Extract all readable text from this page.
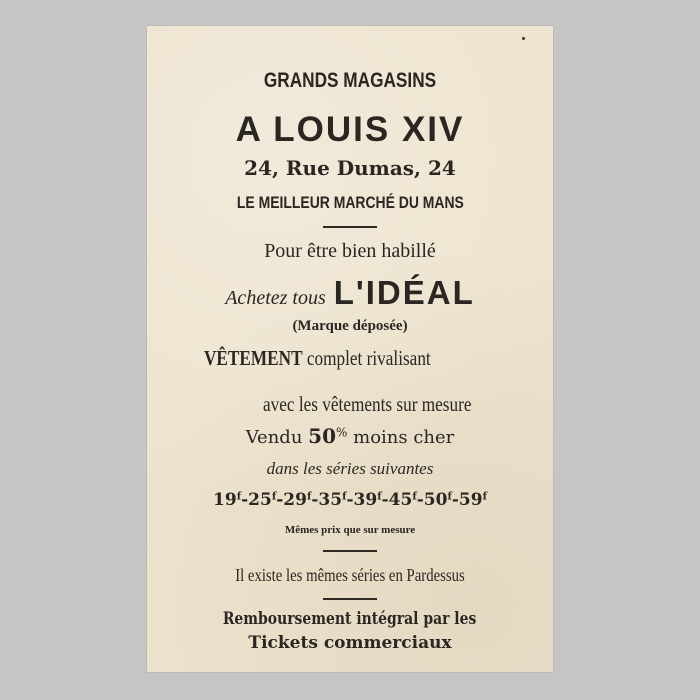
GRANDS MAGASINS
A LOUIS XIV
24, Rue Dumas, 24
LE MEILLEUR MARCHÉ DU MANS
Pour être bien habillé
Achetez tous L'IDÉAL
(Marque déposée)
VÊTEMENT complet rivalisant
avec les vêtements sur mesure
Vendu 50% moins cher
dans les séries suivantes
19$^f$-25$^f$-29$^f$-35$^f$-39$^f$-45$^f$-50$^f$-59$^f$
Mêmes prix que sur mesure
Il existe les mêmes séries en Pardessus
Remboursement intégral par les
Tickets commerciaux
